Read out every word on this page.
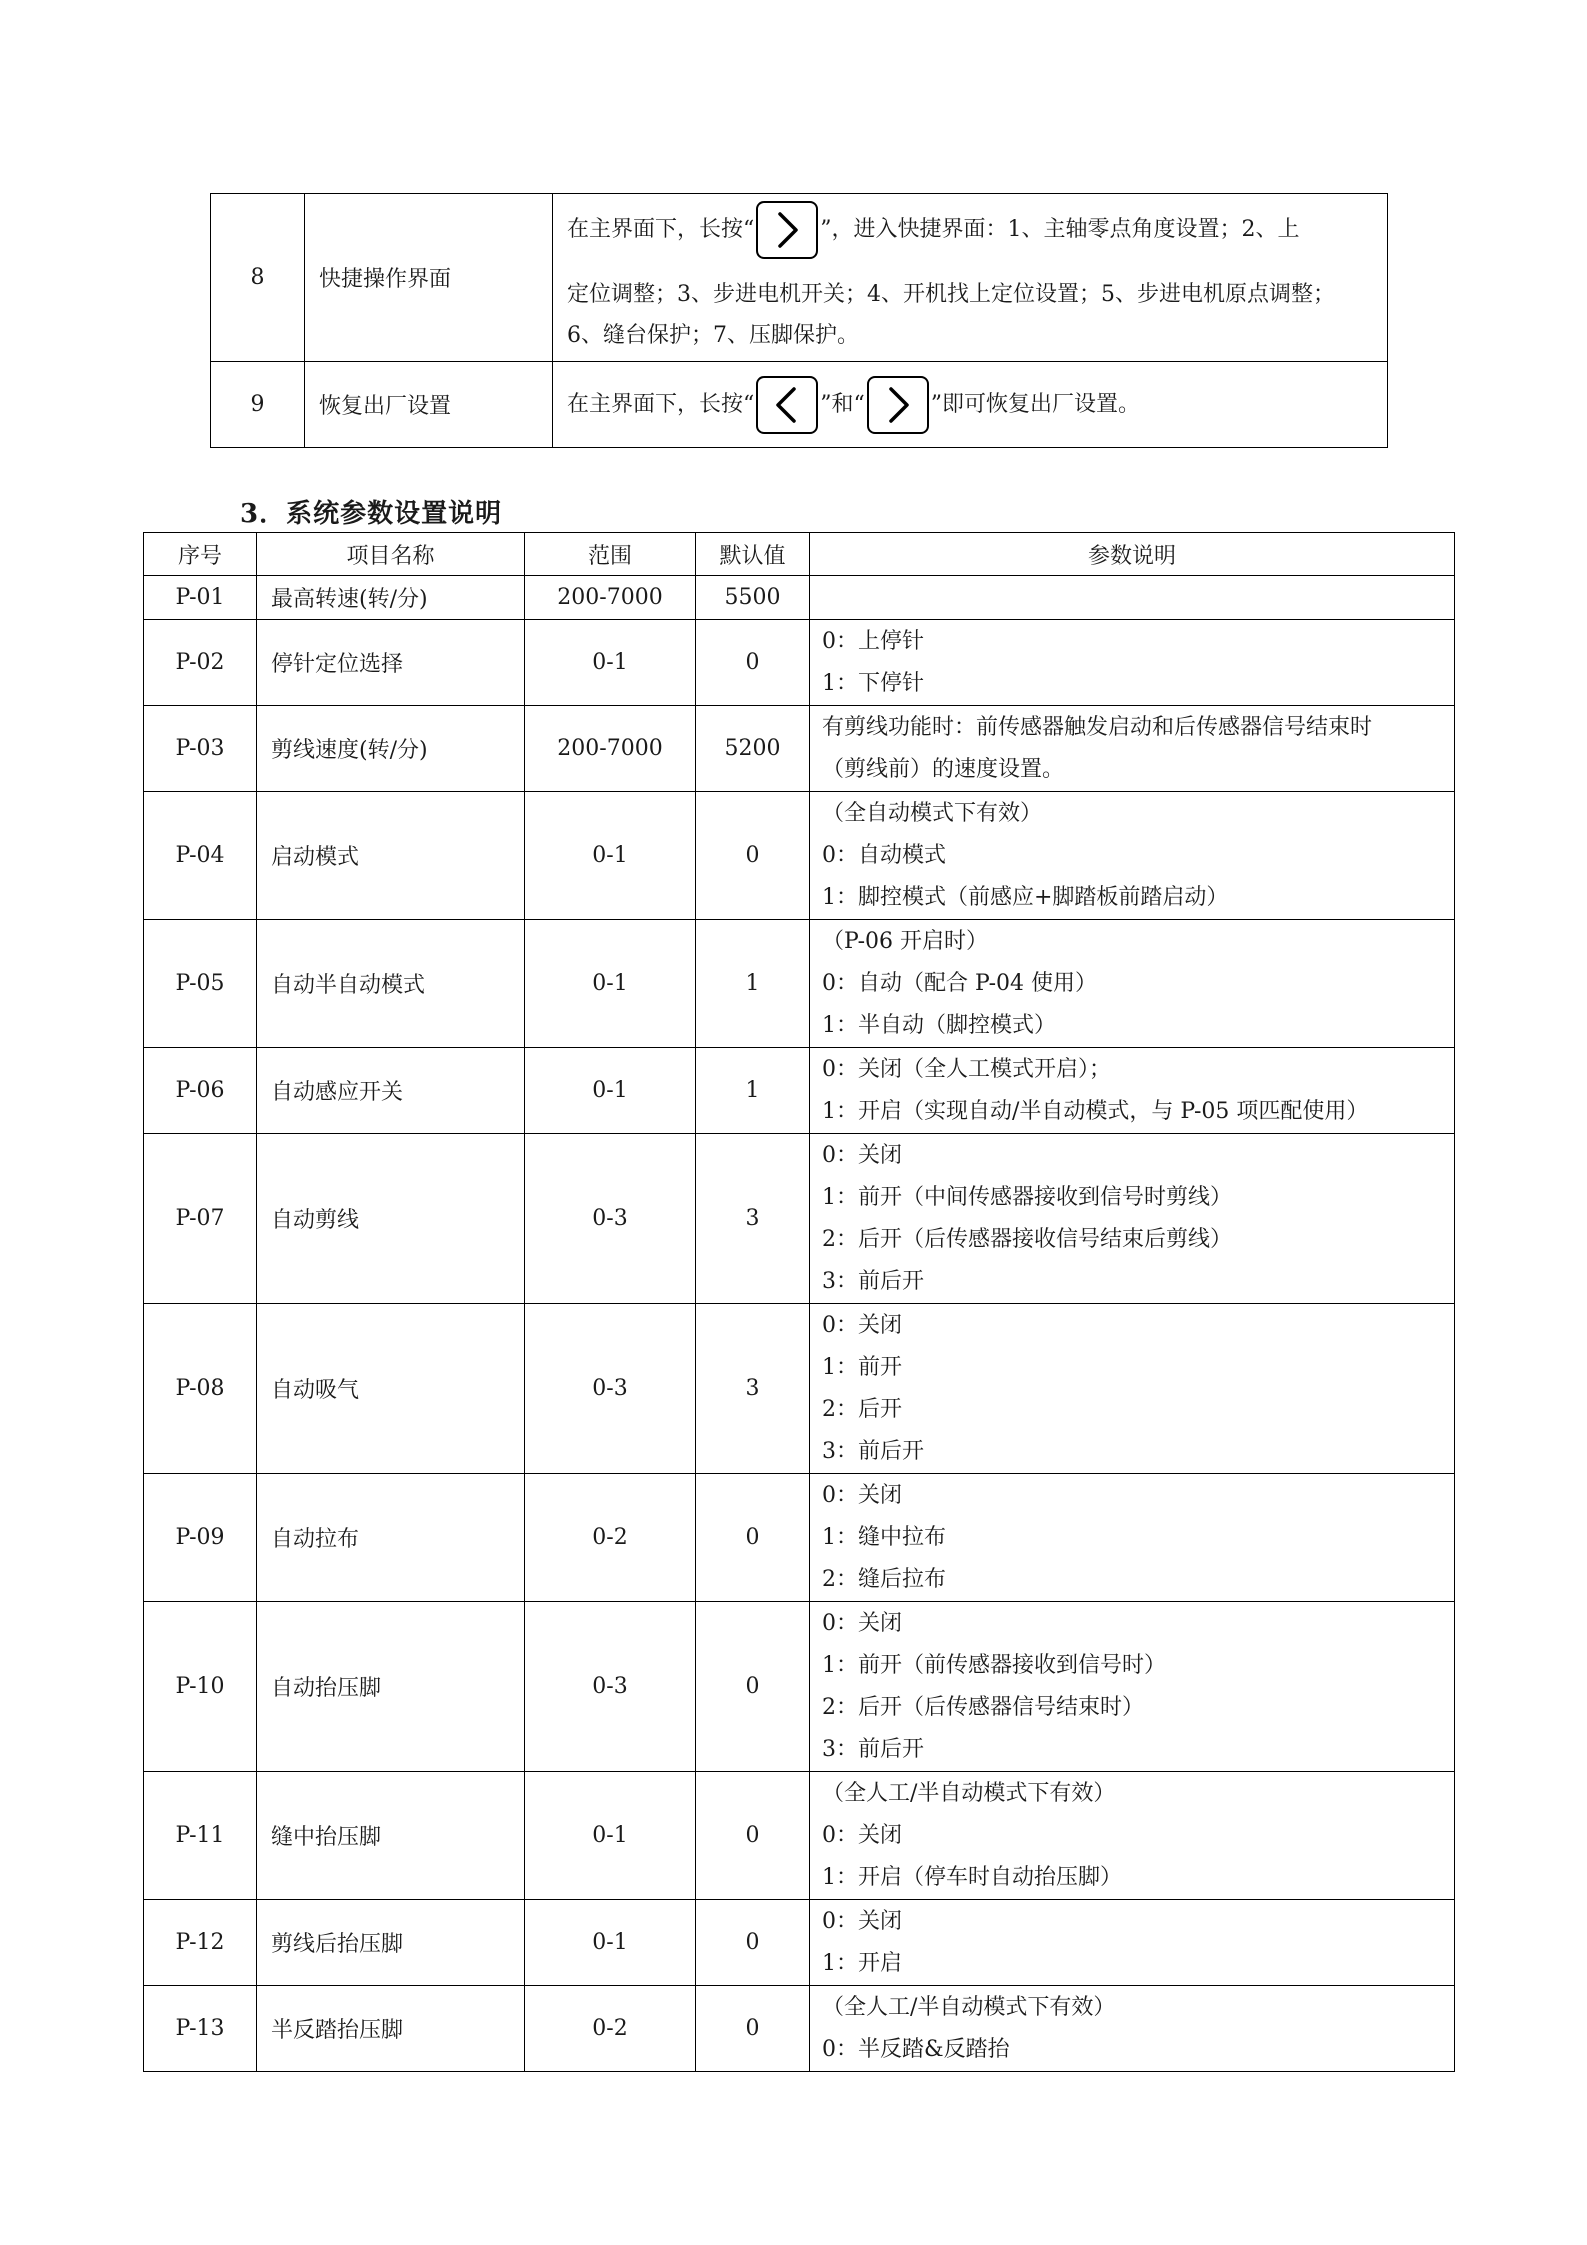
8	快捷操作界面	在主界面下，长按“ ”，进入快捷界面：1、主轴零点角度设置；2、上
定位调整；3、步进电机开关；4、开机找上定位设置；5、步进电机原点调整；
6、缝台保护；7、压脚保护。

9	恢复出厂设置	在主界面下，长按“ ”和“ ”即可恢复出厂设置。
3．系统参数设置说明
序号	项目名称	范围	默认值	参数说明
P-01	最高转速(转/分)	200-7000	5500	
P-02	停针定位选择	0-1	0	0：上停针
1：下停针

P-03	剪线速度(转/分)	200-7000	5200	有剪线功能时：前传感器触发启动和后传感器信号结束时
（剪线前）的速度设置。

P-04	启动模式	0-1	0	（全自动模式下有效）
0：自动模式
1：脚控模式（前感应+脚踏板前踏启动）

P-05	自动半自动模式	0-1	1	（P-06 开启时）
0：自动（配合 P-04 使用）
1：半自动（脚控模式）

P-06	自动感应开关	0-1	1	0：关闭（全人工模式开启）；
1：开启（实现自动/半自动模式，与 P-05 项匹配使用）

P-07	自动剪线	0-3	3	0：关闭
1：前开（中间传感器接收到信号时剪线）
2：后开（后传感器接收信号结束后剪线）
3：前后开

P-08	自动吸气	0-3	3	0：关闭
1：前开
2：后开
3：前后开

P-09	自动拉布	0-2	0	0：关闭
1：缝中拉布
2：缝后拉布

P-10	自动抬压脚	0-3	0	0：关闭
1：前开（前传感器接收到信号时）
2：后开（后传感器信号结束时）
3：前后开

P-11	缝中抬压脚	0-1	0	（全人工/半自动模式下有效）
0：关闭
1：开启（停车时自动抬压脚）

P-12	剪线后抬压脚	0-1	0	0：关闭
1：开启

P-13	半反踏抬压脚	0-2	0	（全人工/半自动模式下有效）
0：半反踏&反踏抬
